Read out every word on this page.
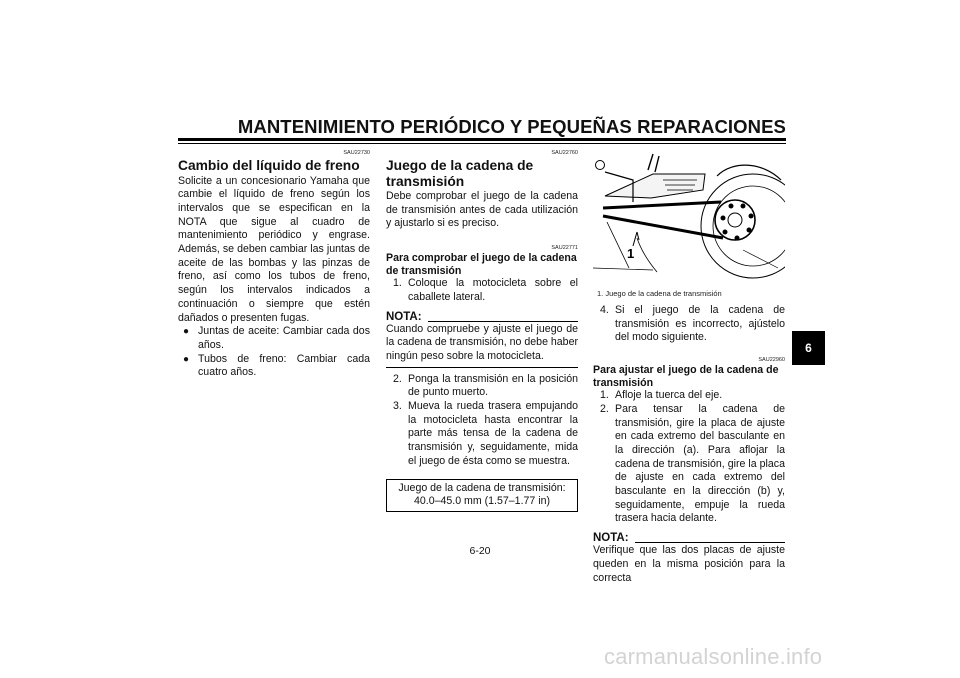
MANTENIMIENTO PERIÓDICO Y PEQUEÑAS REPARACIONES
SAU22730
Cambio del líquido de freno

Solicite a un concesionario Yamaha que cambie el líquido de freno según los intervalos que se especifican en la NOTA que sigue al cuadro de mantenimiento periódico y engrase. Además, se deben cambiar las juntas de aceite de las bombas y las pinzas de freno, así como los tubos de freno, según los intervalos indicados a continuación o siempre que estén dañados o presenten fugas.

● Juntas de aceite: Cambiar cada dos años.
● Tubos de freno: Cambiar cada cuatro años.
SAU22760
Juego de la cadena de transmisión

Debe comprobar el juego de la cadena de transmisión antes de cada utilización y ajustarlo si es preciso.

SAU22771
Para comprobar el juego de la cadena de transmisión
1. Coloque la motocicleta sobre el caballete lateral.
NOTA:
Cuando compruebe y ajuste el juego de la cadena de transmisión, no debe haber ningún peso sobre la motocicleta.
2. Ponga la transmisión en la posición de punto muerto.
3. Mueva la rueda trasera empujando la motocicleta hasta encontrar la parte más tensa de la cadena de transmisión y, seguidamente, mida el juego de ésta como se muestra.
Juego de la cadena de transmisión:
40.0–45.0 mm (1.57–1.77 in)
1
1. Juego de la cadena de transmisión
4. Si el juego de la cadena de transmisión es incorrecto, ajústelo del modo siguiente.
SAU22960
Para ajustar el juego de la cadena de transmisión
1. Afloje la tuerca del eje.
2. Para tensar la cadena de transmisión, gire la placa de ajuste en cada extremo del basculante en la dirección (a). Para aflojar la cadena de transmisión, gire la placa de ajuste en cada extremo del basculante en la dirección (b) y, seguidamente, empuje la rueda trasera hacia delante.
NOTA:
Verifique que las dos placas de ajuste queden en la misma posición para la correcta
6
6-20
carmanualsonline.info
